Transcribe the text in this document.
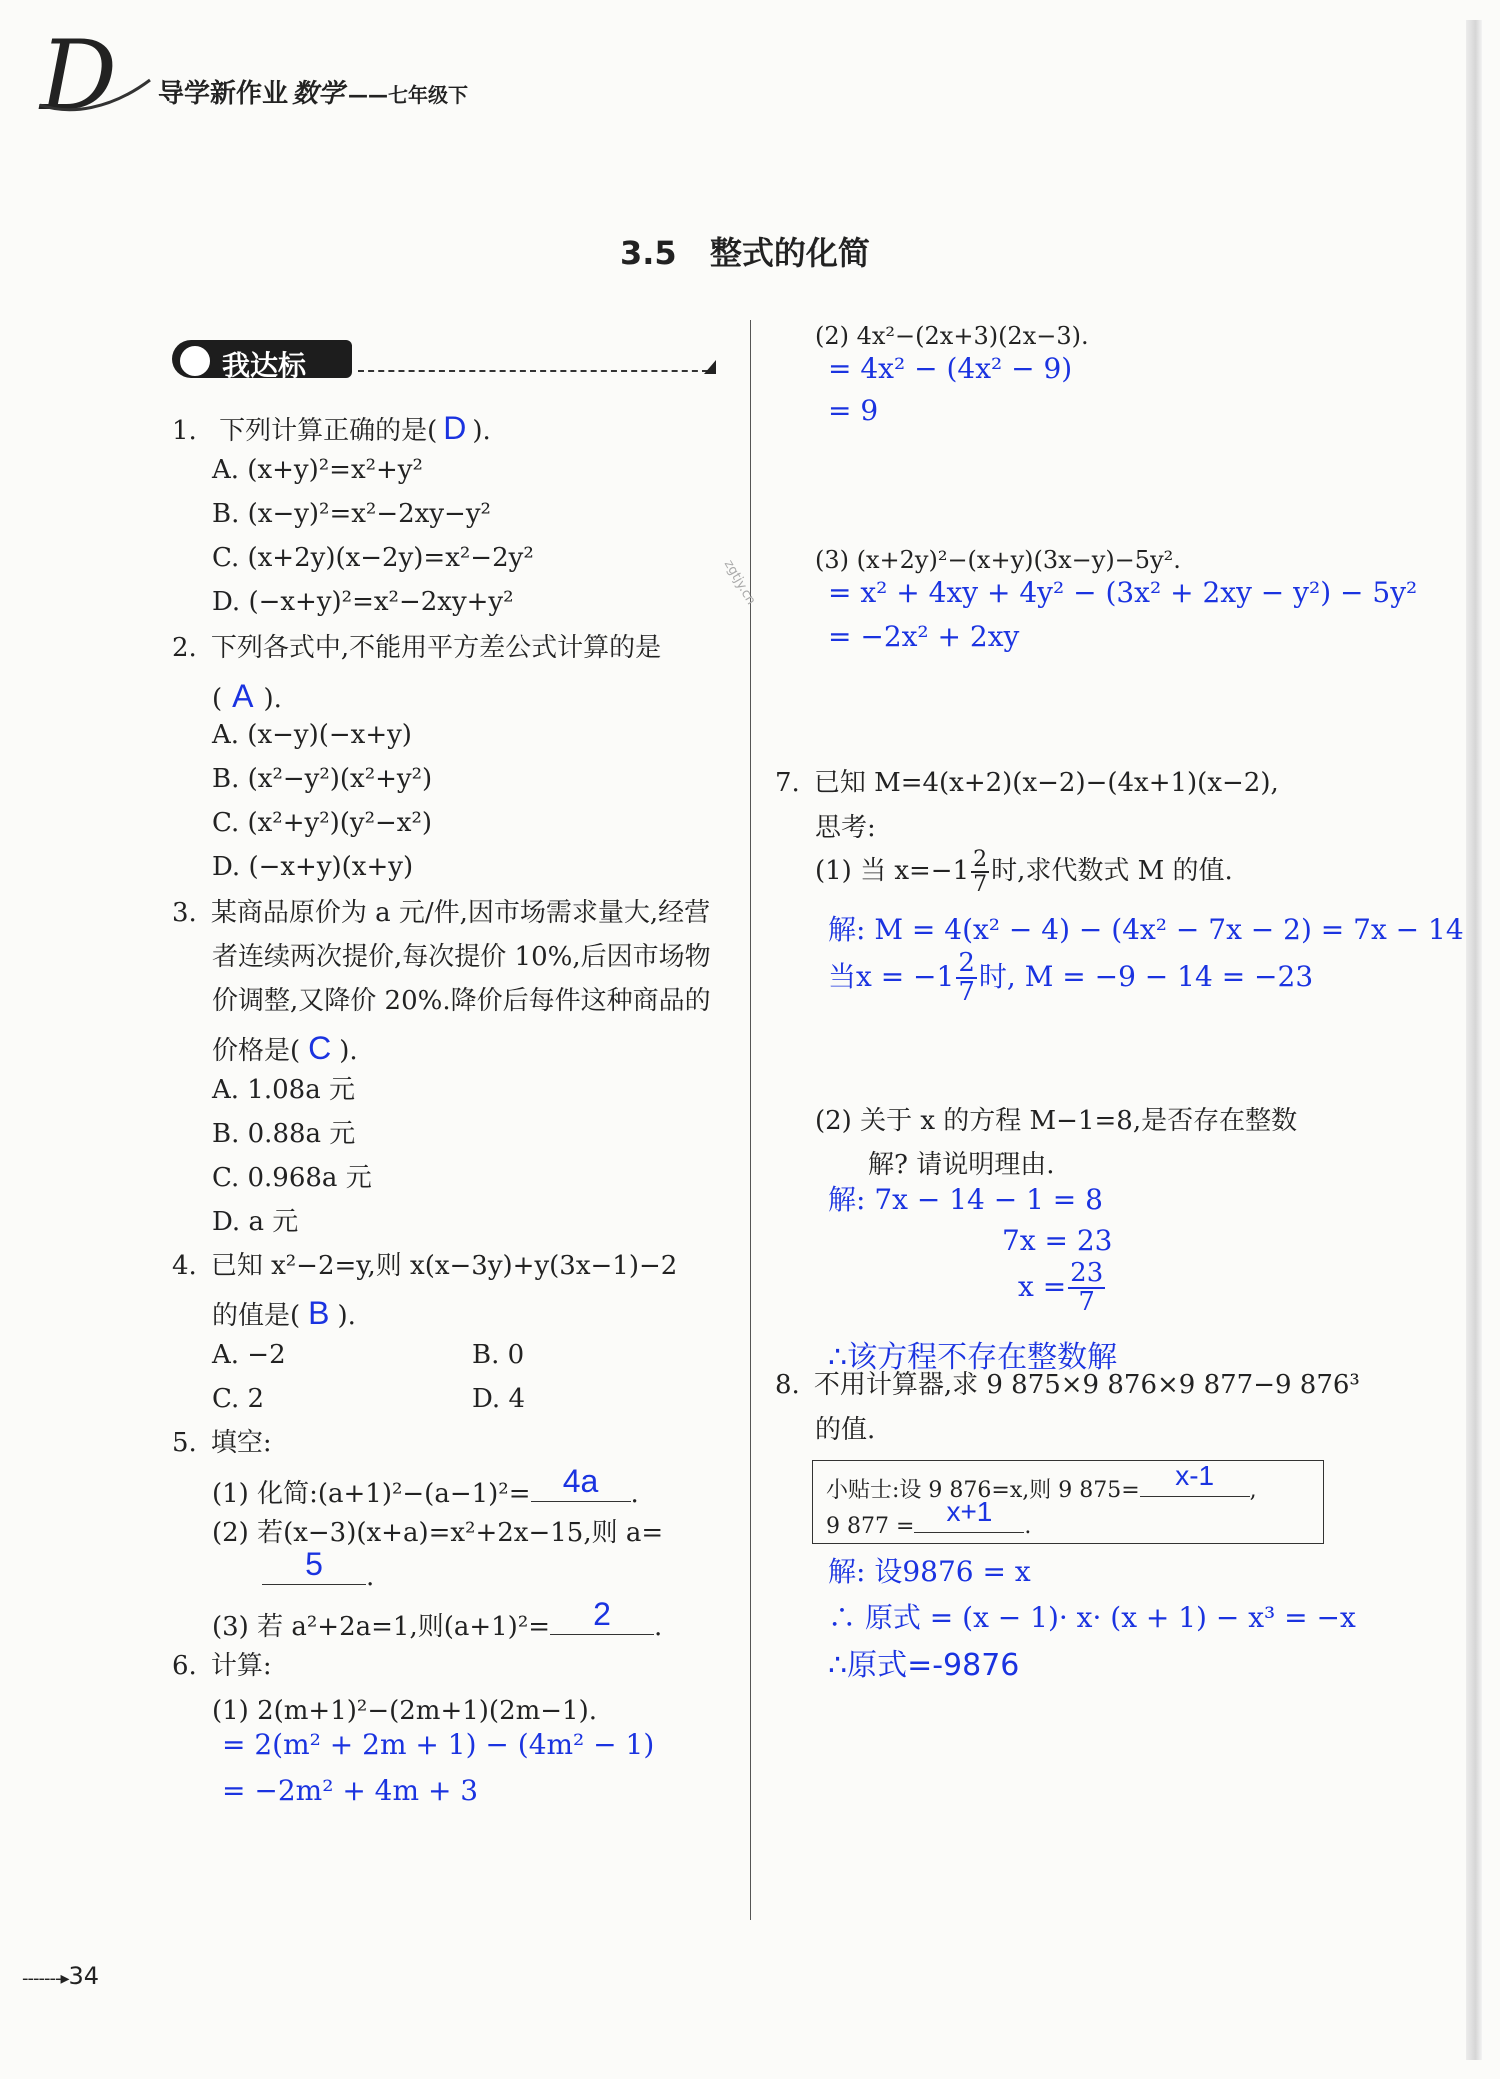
D 导学新作业 数学 ——七年级下
3.5 整式的化简
我达标
1. 下列计算正确的是( D ).
A. (x+y)²=x²+y²
B. (x−y)²=x²−2xy−y²
C. (x+2y)(x−2y)=x²−2y²
D. (−x+y)²=x²−2xy+y²
2. 下列各式中,不能用平方差公式计算的是
( A ).
A. (x−y)(−x+y)
B. (x²−y²)(x²+y²)
C. (x²+y²)(y²−x²)
D. (−x+y)(x+y)
3. 某商品原价为 a 元/件,因市场需求量大,经营
者连续两次提价,每次提价 10%,后因市场物
价调整,又降价 20%.降价后每件这种商品的
价格是( C ).
A. 1.08a 元
B. 0.88a 元
C. 0.968a 元
D. a 元
4. 已知 x²−2=y,则 x(x−3y)+y(3x−1)−2
的值是( B ).
A. −2	B. 0
C. 2	D. 4
5. 填空:
(1) 化简:(a+1)²−(a−1)²=	4a	.
(2) 若(x−3)(x+a)=x²+2x−15,则 a=
5	.
(3) 若 a²+2a=1,则(a+1)²=	2	.
6. 计算:
(1) 2(m+1)²−(2m+1)(2m−1).
= 2(m² + 2m + 1) − (4m² − 1)
= −2m² + 4m + 3
(2) 4x²−(2x+3)(2x−3).
= 4x² − (4x² − 9)
= 9
zgtjy.cn (3) (x+2y)²−(x+y)(3x−y)−5y².
= x² + 4xy + 4y² − (3x² + 2xy − y²) − 5y²
= −2x² + 2xy
7. 已知 M=4(x+2)(x−2)−(4x+1)(x−2),
思考:
(1) 当 $x=-1 \frac{2}{7}$ 时,求代数式 M 的值.
解: M = 4(x² − 4) − (4x² − 7x − 2) = 7x − 14
当$x = -1 \frac{2}{7}$ 时, M = −9 − 14 = −23
(2) 关于 x 的方程 M−1=8,是否存在整数
解? 请说明理由.
解: 7x − 14 − 1 = 8
7x = 23
$x = \frac{23}{7}$
∴该方程不存在整数解
8. 不用计算器,求 9 875×9 876×9 877−9 876³
的值.
小贴士:设 9 876=x,则 9 875=	x-1	,
9 877 =	x+1	.
解: 设9876 = x
∴ 原式 = (x − 1)· x· (x + 1) − x³ = −x
∴原式=-9876
-------▸34
